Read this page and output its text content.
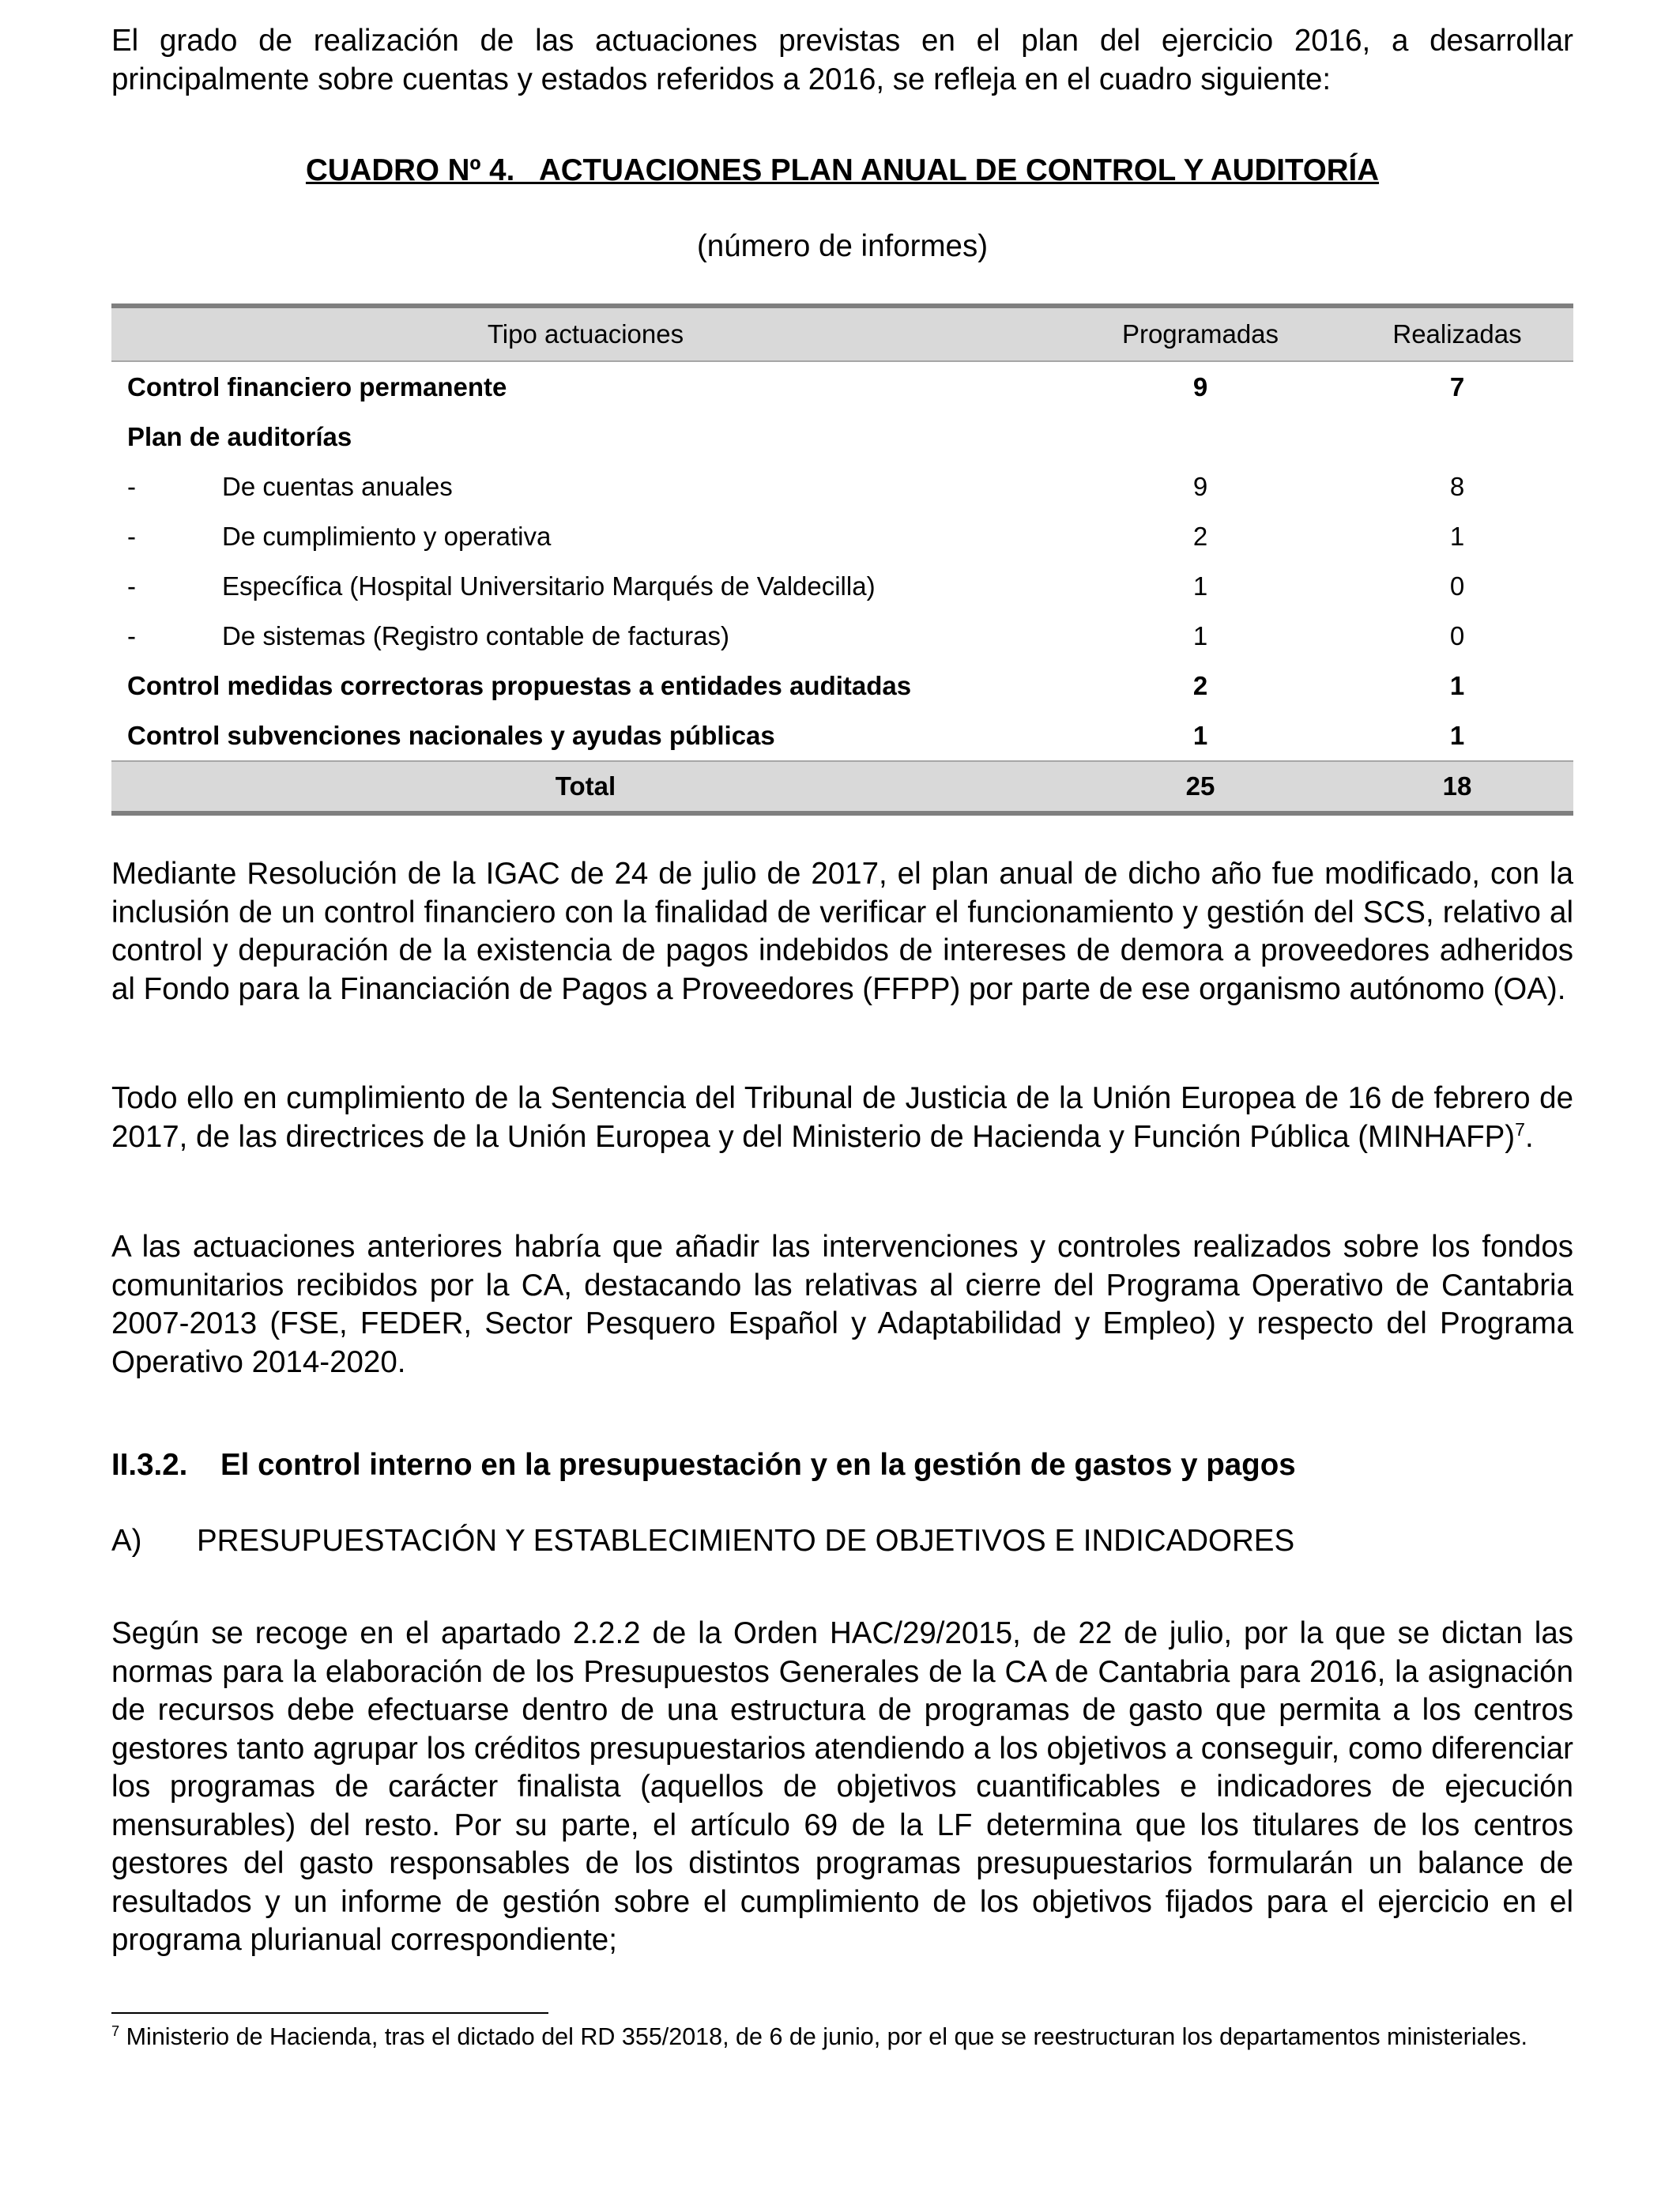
El grado de realización de las actuaciones previstas en el plan del ejercicio 2016, a desarrollar principalmente sobre cuentas y estados referidos a 2016, se refleja en el cuadro siguiente:

CUADRO Nº 4.   ACTUACIONES PLAN ANUAL DE CONTROL Y AUDITORÍA

(número de informes)

Tipo actuaciones	Programadas	Realizadas
Control financiero permanente	9	7
Plan de auditorías		
- De cuentas anuales	9	8
- De cumplimiento y operativa	2	1
- Específica (Hospital Universitario Marqués de Valdecilla)	1	0
- De sistemas (Registro contable de facturas)	1	0
Control medidas correctoras propuestas a entidades auditadas	2	1
Control subvenciones nacionales y ayudas públicas	1	1
Total	25	18

Mediante Resolución de la IGAC de 24 de julio de 2017, el plan anual de dicho año fue modificado, con la inclusión de un control financiero con la finalidad de verificar el funcionamiento y gestión del SCS, relativo al control y depuración de la existencia de pagos indebidos de intereses de demora a proveedores adheridos al Fondo para la Financiación de Pagos a Proveedores (FFPP) por parte de ese organismo autónomo (OA).

Todo ello en cumplimiento de la Sentencia del Tribunal de Justicia de la Unión Europea de 16 de febrero de 2017, de las directrices de la Unión Europea y del Ministerio de Hacienda y Función Pública (MINHAFP)$^7$.

A las actuaciones anteriores habría que añadir las intervenciones y controles realizados sobre los fondos comunitarios recibidos por la CA, destacando las relativas al cierre del Programa Operativo de Cantabria 2007-2013 (FSE, FEDER, Sector Pesquero Español y Adaptabilidad y Empleo) y respecto del Programa Operativo 2014-2020.

II.3.2. El control interno en la presupuestación y en la gestión de gastos y pagos

A) PRESUPUESTACIÓN Y ESTABLECIMIENTO DE OBJETIVOS E INDICADORES

Según se recoge en el apartado 2.2.2 de la Orden HAC/29/2015, de 22 de julio, por la que se dictan las normas para la elaboración de los Presupuestos Generales de la CA de Cantabria para 2016, la asignación de recursos debe efectuarse dentro de una estructura de programas de gasto que permita a los centros gestores tanto agrupar los créditos presupuestarios atendiendo a los objetivos a conseguir, como diferenciar los programas de carácter finalista (aquellos de objetivos cuantificables e indicadores de ejecución mensurables) del resto. Por su parte, el artículo 69 de la LF determina que los titulares de los centros gestores del gasto responsables de los distintos programas presupuestarios formularán un balance de resultados y un informe de gestión sobre el cumplimiento de los objetivos fijados para el ejercicio en el programa plurianual correspondiente;

$^7$ Ministerio de Hacienda, tras el dictado del RD 355/2018, de 6 de junio, por el que se reestructuran los departamentos ministeriales.
